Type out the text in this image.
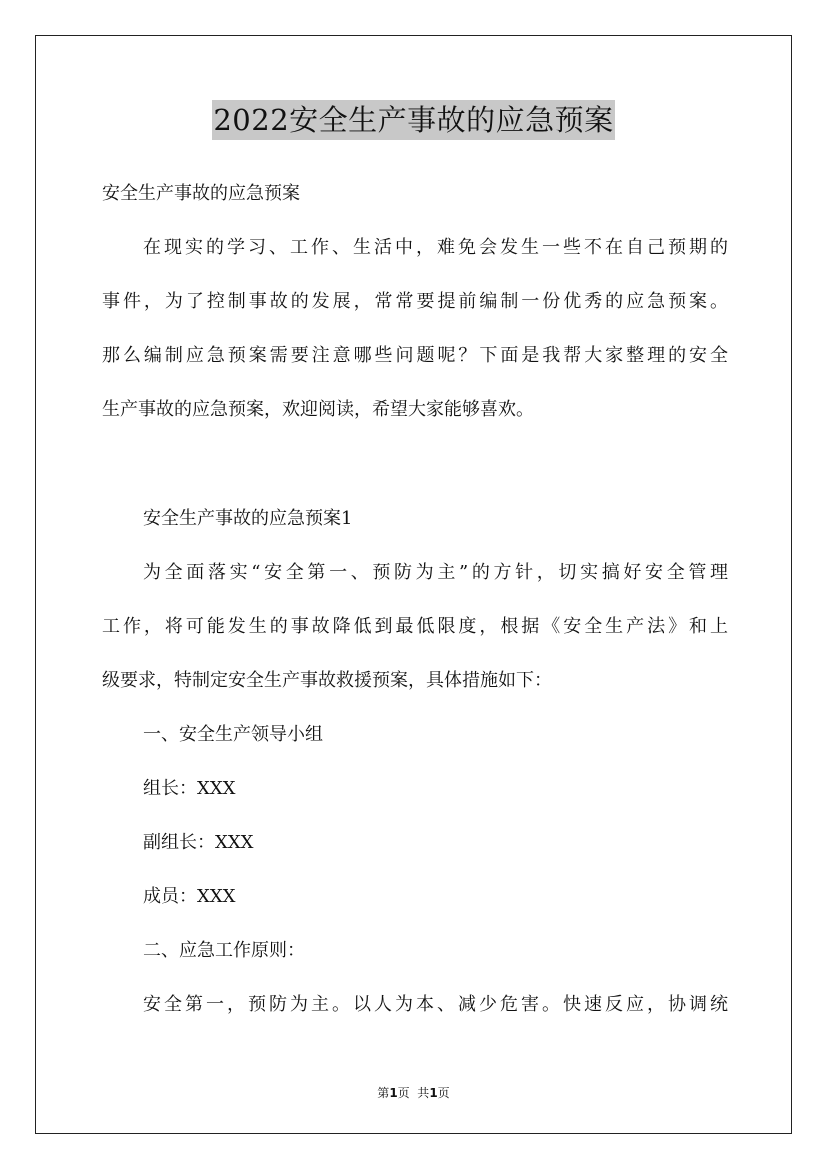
2022安全生产事故的应急预案
安全生产事故的应急预案
在现实的学习、工作、生活中，难免会发生一些不在自己预期的
事件，为了控制事故的发展，常常要提前编制一份优秀的应急预案。
那么编制应急预案需要注意哪些问题呢？下面是我帮大家整理的安全
生产事故的应急预案，欢迎阅读，希望大家能够喜欢。
安全生产事故的应急预案1
为全面落实“安全第一、预防为主”的方针，切实搞好安全管理
工作，将可能发生的事故降低到最低限度，根据《安全生产法》和上
级要求，特制定安全生产事故救援预案，具体措施如下：
一、安全生产领导小组
组长：XXX
副组长：XXX
成员：XXX
二、应急工作原则：
安全第一，预防为主。以人为本、减少危害。快速反应，协调统
第1页  共1页
